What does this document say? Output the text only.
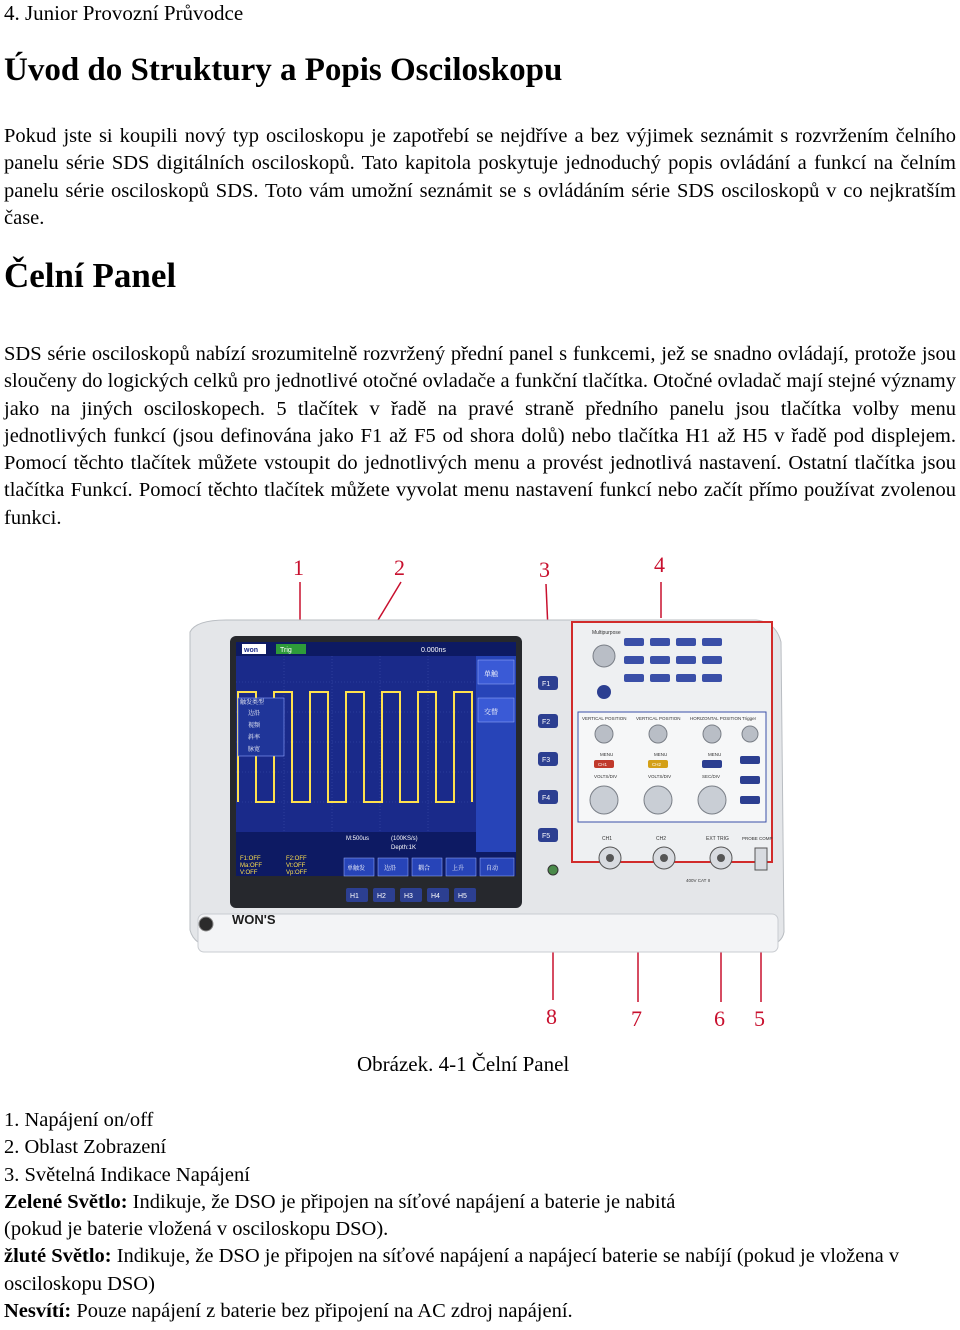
4. Junior Provozní Průvodce
Úvod do Struktury a Popis Osciloskopu

Pokud jste si koupili nový typ osciloskopu je zapotřebí se nejdříve a bez výjimek seznámit s rozvržením čelního panelu série SDS digitálních osciloskopů. Tato kapitola poskytuje jednoduchý popis ovládání a funkcí na čelním panelu série osciloskopů SDS. Toto vám umožní seznámit se s ovládáním série SDS osciloskopů v co nejkratším čase.

Čelní Panel

SDS série osciloskopů nabízí srozumitelně rozvržený přední panel s funkcemi, jež se snadno ovládají, protože jsou sloučeny do logických celků pro jednotlivé otočné ovladače a funkční tlačítka. Otočné ovladač mají stejné významy jako na jiných osciloskopech. 5 tlačítek v řadě na pravé straně předního panelu jsou tlačítka volby menu jednotlivých funkcí (jsou definována jako F1 až F5 od shora dolů) nebo tlačítka H1 až H5 v řadě pod displejem. Pomocí těchto tlačítek můžete vstoupit do jednotlivých menu a provést jednotlivá nastavení. Ostatní tlačítka jsou tlačítka Funkcí. Pomocí těchto tlačítek můžete vyvolat menu nastavení funkcí nebo začít přímo používat zvolenou funkci.

1	2	3	4
8	7	6 5
won	Trig	0.000ns
触发类型
边沿
视频
斜率
脉宽
单触
交替
M:500us	(100KS/s)
Depth:1K
F1:OFF
Ma:OFF
V:OFF
F2:OFF
Vt:OFF
Vp:OFF
单触发	边沿	耦合	上升	自动
WON'S
H1	H2	H3	H4	H5
F1
F2
F3
F4
F5
Multipurpose
VERTICAL POSITION VERTICAL POSITION HORIZONTAL POSITION Trigger
MENU	MENU	MENU
CH1	CH2
VOLTS/DIV	VOLTS/DIV	SEC/DIV
CH1	CH2	EXT TRIG	PROBE COMP
400V CAT II
Obrázek. 4-1 Čelní Panel
1. Napájení on/off
2. Oblast Zobrazení
3. Světelná Indikace Napájení
Zelené Světlo: Indikuje, že DSO je připojen na síťové napájení a baterie je nabitá
(pokud je baterie vložená v osciloskopu DSO).
žluté Světlo: Indikuje, že DSO je připojen na síťové napájení a napájecí baterie se nabíjí (pokud je vložena v osciloskopu DSO)
Nesvítí: Pouze napájení z baterie bez připojení na AC zdroj napájení.
